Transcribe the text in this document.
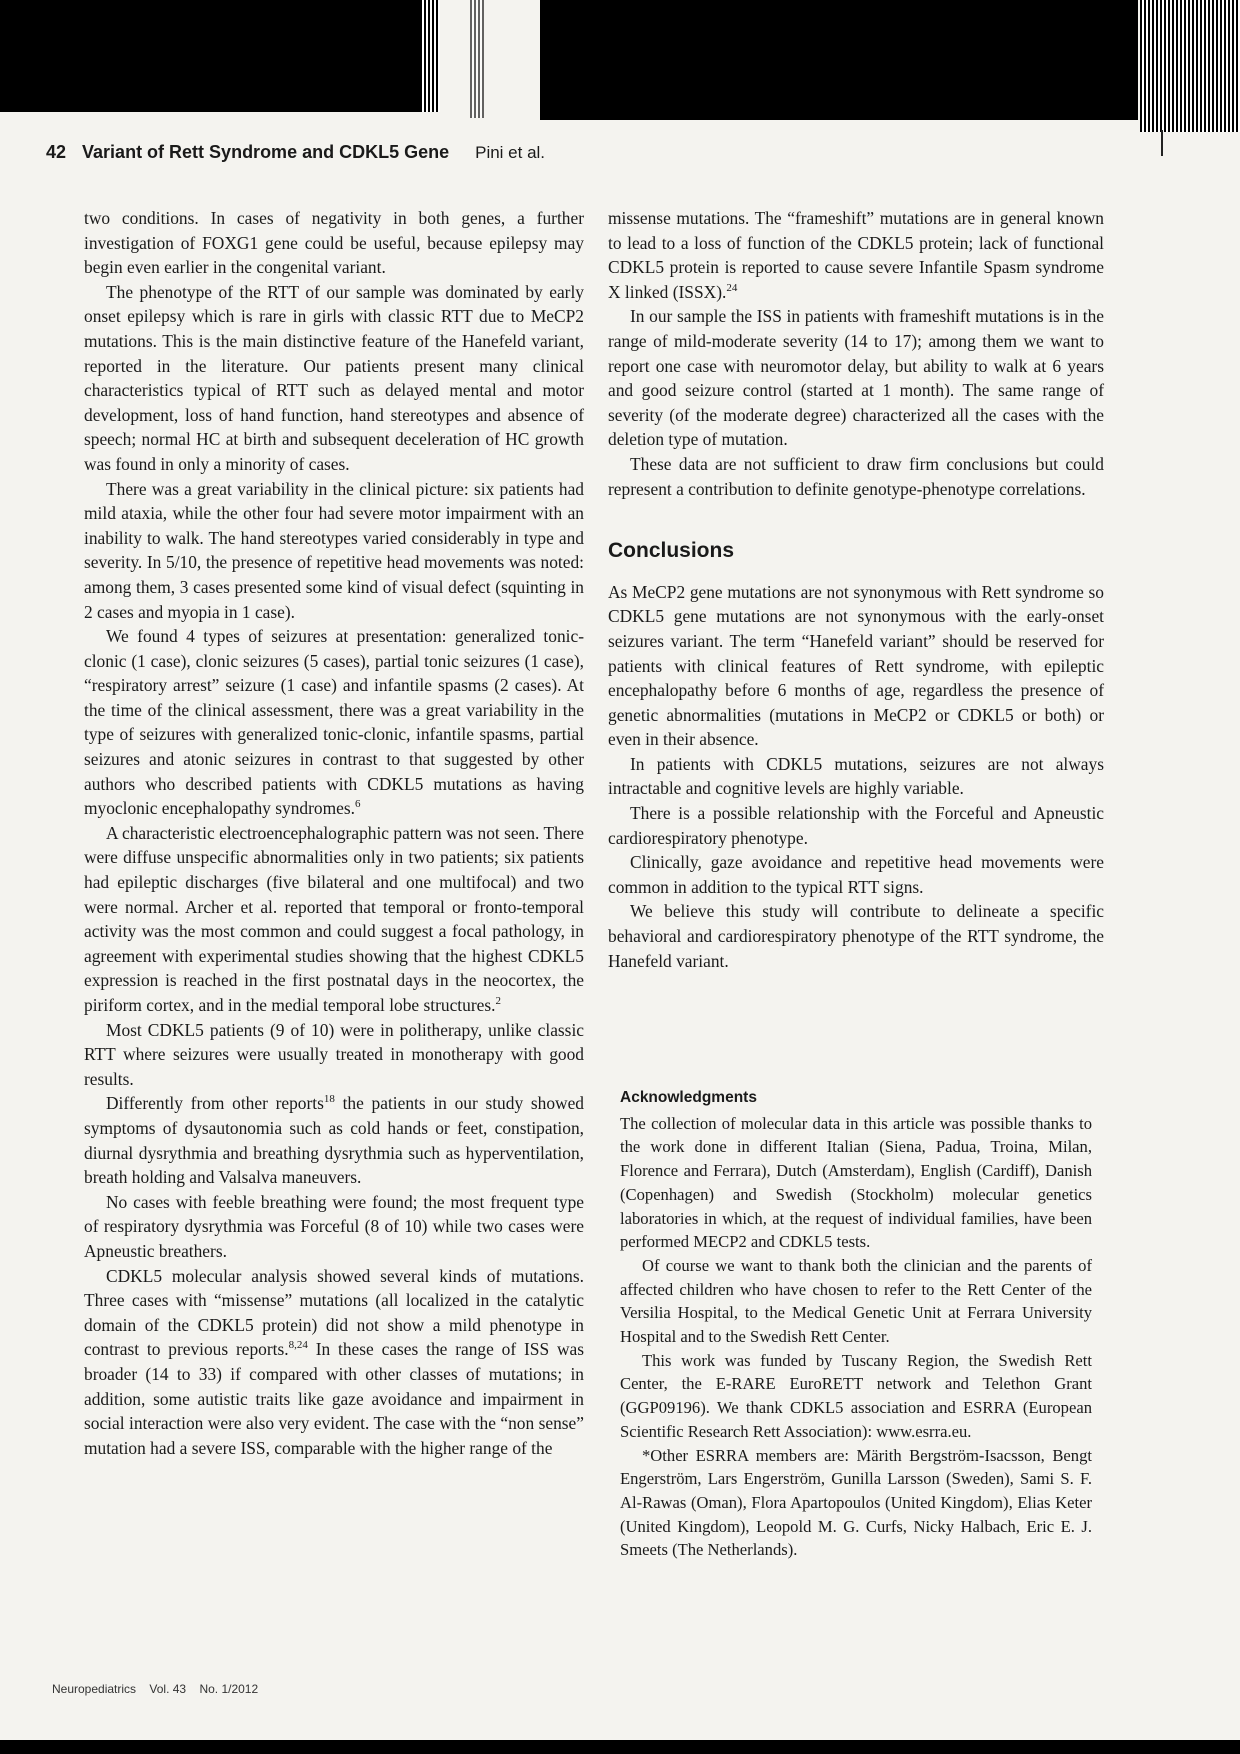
42 Variant of Rett Syndrome and CDKL5 Gene Pini et al.

two conditions. In cases of negativity in both genes, a further investigation of FOXG1 gene could be useful, because epilepsy may begin even earlier in the congenital variant.

The phenotype of the RTT of our sample was dominated by early onset epilepsy which is rare in girls with classic RTT due to MeCP2 mutations. This is the main distinctive feature of the Hanefeld variant, reported in the literature. Our patients present many clinical characteristics typical of RTT such as delayed mental and motor development, loss of hand function, hand stereotypes and absence of speech; normal HC at birth and subsequent deceleration of HC growth was found in only a minority of cases.

There was a great variability in the clinical picture: six patients had mild ataxia, while the other four had severe motor impairment with an inability to walk. The hand stereotypes varied considerably in type and severity. In 5/10, the presence of repetitive head movements was noted: among them, 3 cases presented some kind of visual defect (squinting in 2 cases and myopia in 1 case).

We found 4 types of seizures at presentation: generalized tonic-clonic (1 case), clonic seizures (5 cases), partial tonic seizures (1 case), “respiratory arrest” seizure (1 case) and infantile spasms (2 cases). At the time of the clinical assessment, there was a great variability in the type of seizures with generalized tonic-clonic, infantile spasms, partial seizures and atonic seizures in contrast to that suggested by other authors who described patients with CDKL5 mutations as having myoclonic encephalopathy syndromes.$^6$

A characteristic electroencephalographic pattern was not seen. There were diffuse unspecific abnormalities only in two patients; six patients had epileptic discharges (five bilateral and one multifocal) and two were normal. Archer et al. reported that temporal or fronto-temporal activity was the most common and could suggest a focal pathology, in agreement with experimental studies showing that the highest CDKL5 expression is reached in the first postnatal days in the neocortex, the piriform cortex, and in the medial temporal lobe structures.$^2$

Most CDKL5 patients (9 of 10) were in politherapy, unlike classic RTT where seizures were usually treated in monotherapy with good results.

Differently from other reports$^{18}$ the patients in our study showed symptoms of dysautonomia such as cold hands or feet, constipation, diurnal dysrythmia and breathing dysrythmia such as hyperventilation, breath holding and Valsalva maneuvers.

No cases with feeble breathing were found; the most frequent type of respiratory dysrythmia was Forceful (8 of 10) while two cases were Apneustic breathers.

CDKL5 molecular analysis showed several kinds of mutations. Three cases with “missense” mutations (all localized in the catalytic domain of the CDKL5 protein) did not show a mild phenotype in contrast to previous reports.$^{8,24}$ In these cases the range of ISS was broader (14 to 33) if compared with other classes of mutations; in addition, some autistic traits like gaze avoidance and impairment in social interaction were also very evident. The case with the “non sense” mutation had a severe ISS, comparable with the higher range of the

missense mutations. The “frameshift” mutations are in general known to lead to a loss of function of the CDKL5 protein; lack of functional CDKL5 protein is reported to cause severe Infantile Spasm syndrome X linked (ISSX).$^{24}$

In our sample the ISS in patients with frameshift mutations is in the range of mild-moderate severity (14 to 17); among them we want to report one case with neuromotor delay, but ability to walk at 6 years and good seizure control (started at 1 month). The same range of severity (of the moderate degree) characterized all the cases with the deletion type of mutation.

These data are not sufficient to draw firm conclusions but could represent a contribution to definite genotype-phenotype correlations.

Conclusions

As MeCP2 gene mutations are not synonymous with Rett syndrome so CDKL5 gene mutations are not synonymous with the early-onset seizures variant. The term “Hanefeld variant” should be reserved for patients with clinical features of Rett syndrome, with epileptic encephalopathy before 6 months of age, regardless the presence of genetic abnormalities (mutations in MeCP2 or CDKL5 or both) or even in their absence.

In patients with CDKL5 mutations, seizures are not always intractable and cognitive levels are highly variable.

There is a possible relationship with the Forceful and Apneustic cardiorespiratory phenotype.

Clinically, gaze avoidance and repetitive head movements were common in addition to the typical RTT signs.

We believe this study will contribute to delineate a specific behavioral and cardiorespiratory phenotype of the RTT syndrome, the Hanefeld variant.

Acknowledgments

The collection of molecular data in this article was possible thanks to the work done in different Italian (Siena, Padua, Troina, Milan, Florence and Ferrara), Dutch (Amsterdam), English (Cardiff), Danish (Copenhagen) and Swedish (Stockholm) molecular genetics laboratories in which, at the request of individual families, have been performed MECP2 and CDKL5 tests.

Of course we want to thank both the clinician and the parents of affected children who have chosen to refer to the Rett Center of the Versilia Hospital, to the Medical Genetic Unit at Ferrara University Hospital and to the Swedish Rett Center.

This work was funded by Tuscany Region, the Swedish Rett Center, the E-RARE EuroRETT network and Telethon Grant (GGP09196). We thank CDKL5 association and ESRRA (European Scientific Research Rett Association): www.esrra.eu.

*Other ESRRA members are: Märith Bergström-Isacsson, Bengt Engerström, Lars Engerström, Gunilla Larsson (Sweden), Sami S. F. Al-Rawas (Oman), Flora Apartopoulos (United Kingdom), Elias Keter (United Kingdom), Leopold M. G. Curfs, Nicky Halbach, Eric E. J. Smeets (The Netherlands).

Neuropediatrics Vol. 43 No. 1/2012
